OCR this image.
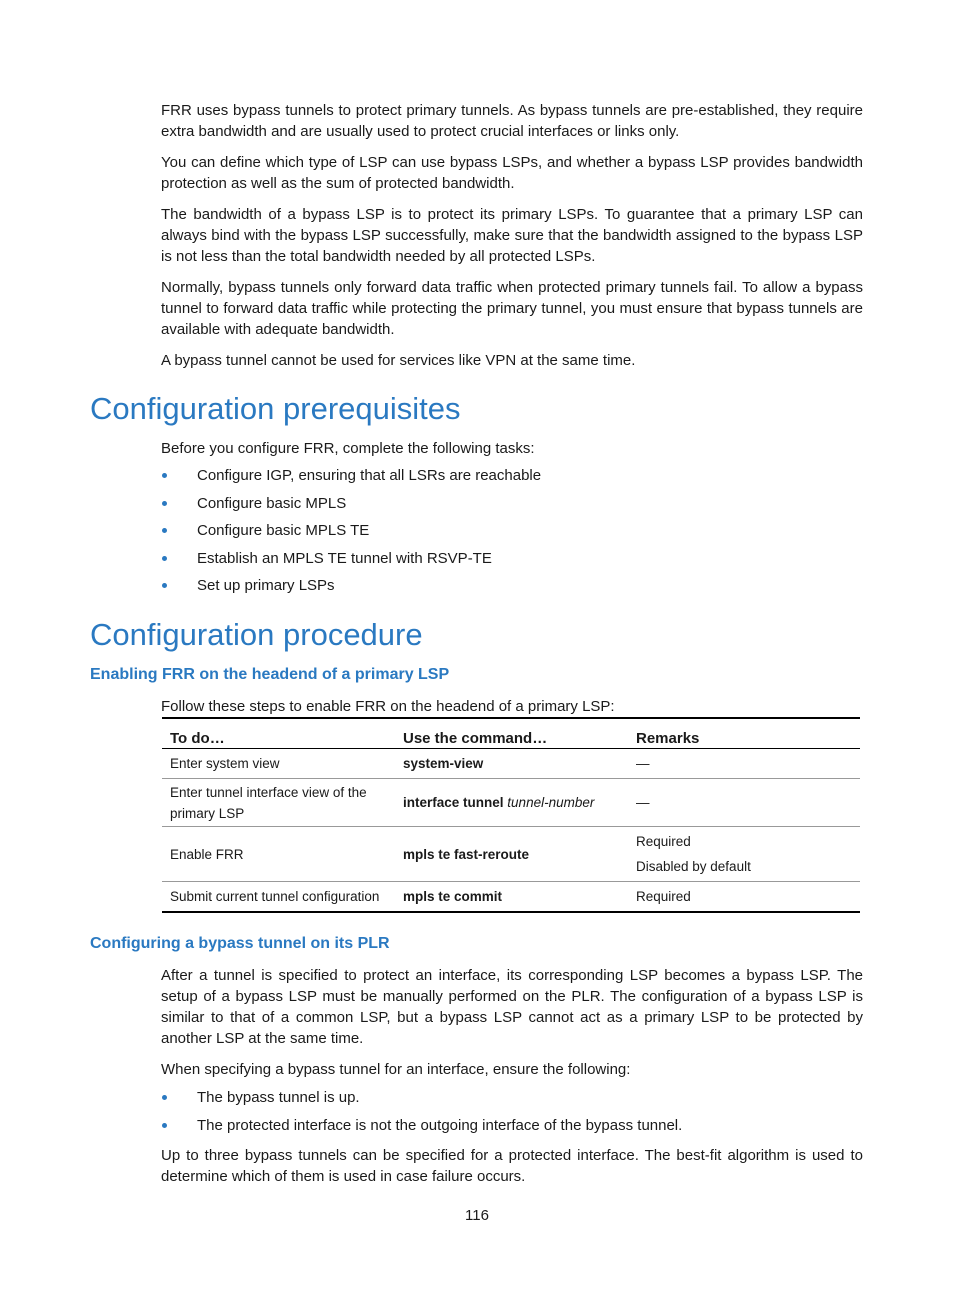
FRR uses bypass tunnels to protect primary tunnels. As bypass tunnels are pre-established, they require extra bandwidth and are usually used to protect crucial interfaces or links only.

You can define which type of LSP can use bypass LSPs, and whether a bypass LSP provides bandwidth protection as well as the sum of protected bandwidth.

The bandwidth of a bypass LSP is to protect its primary LSPs. To guarantee that a primary LSP can always bind with the bypass LSP successfully, make sure that the bandwidth assigned to the bypass LSP is not less than the total bandwidth needed by all protected LSPs.

Normally, bypass tunnels only forward data traffic when protected primary tunnels fail. To allow a bypass tunnel to forward data traffic while protecting the primary tunnel, you must ensure that bypass tunnels are available with adequate bandwidth.

A bypass tunnel cannot be used for services like VPN at the same time.

Configuration prerequisites

Before you configure FRR, complete the following tasks:

Configure IGP, ensuring that all LSRs are reachable
Configure basic MPLS
Configure basic MPLS TE
Establish an MPLS TE tunnel with RSVP-TE
Set up primary LSPs
Configuration procedure
Enabling FRR on the headend of a primary LSP

Follow these steps to enable FRR on the headend of a primary LSP:

To do…	Use the command…	Remarks
Enter system view	system-view	—
Enter tunnel interface view of the primary LSP	interface tunnel tunnel-number	—
Enable FRR	mpls te fast-reroute	Required
Disabled by default

Submit current tunnel configuration	mpls te commit	Required
Configuring a bypass tunnel on its PLR

After a tunnel is specified to protect an interface, its corresponding LSP becomes a bypass LSP. The setup of a bypass LSP must be manually performed on the PLR. The configuration of a bypass LSP is similar to that of a common LSP, but a bypass LSP cannot act as a primary LSP to be protected by another LSP at the same time.

When specifying a bypass tunnel for an interface, ensure the following:

The bypass tunnel is up.
The protected interface is not the outgoing interface of the bypass tunnel.

Up to three bypass tunnels can be specified for a protected interface. The best-fit algorithm is used to determine which of them is used in case failure occurs.

116
